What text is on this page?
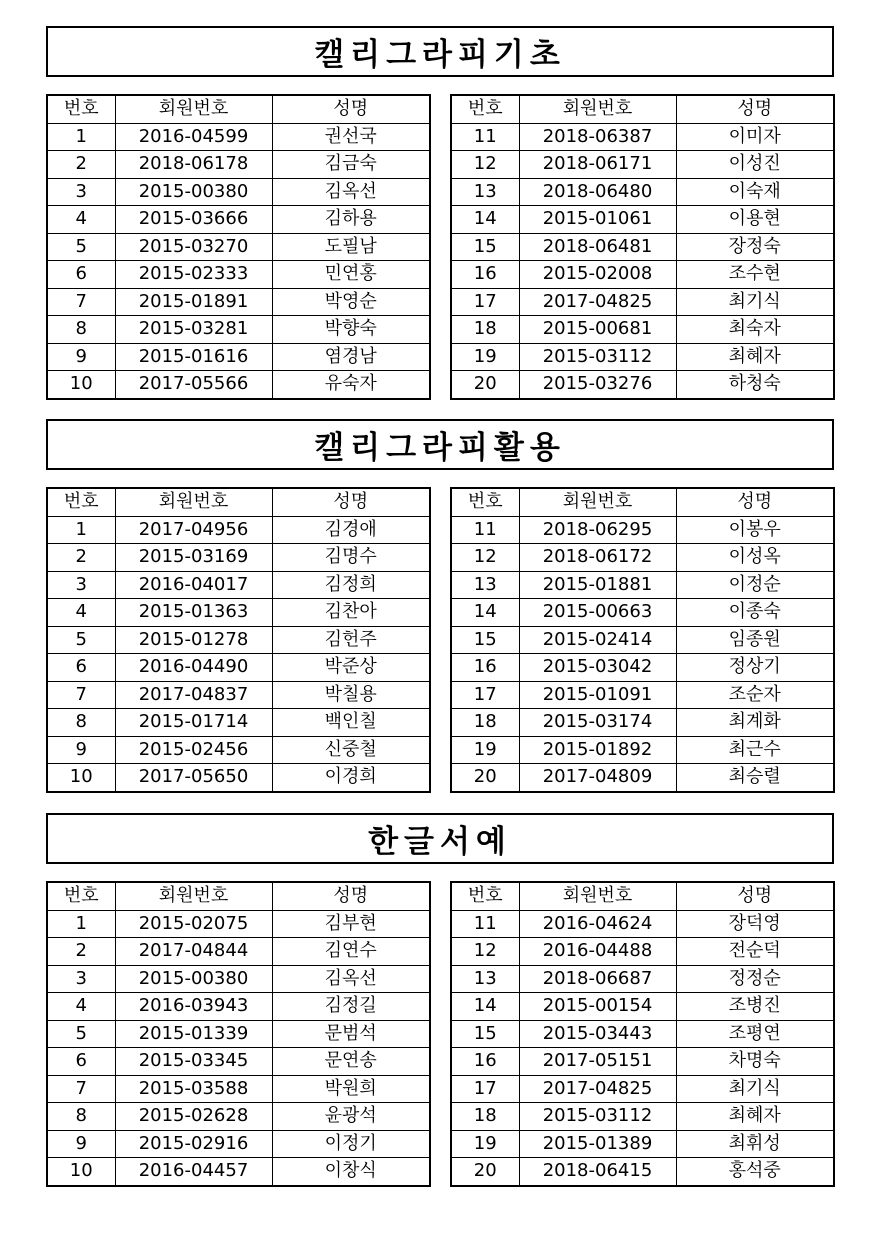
캘리그라피기초
번호	회원번호	성명
1	2016-04599	권선국
2	2018-06178	김금숙
3	2015-00380	김옥선
4	2015-03666	김하용
5	2015-03270	도필남
6	2015-02333	민연홍
7	2015-01891	박영순
8	2015-03281	박향숙
9	2015-01616	염경남
10	2017-05566	유숙자
번호	회원번호	성명
11	2018-06387	이미자
12	2018-06171	이성진
13	2018-06480	이숙재
14	2015-01061	이용현
15	2018-06481	장정숙
16	2015-02008	조수현
17	2017-04825	최기식
18	2015-00681	최숙자
19	2015-03112	최혜자
20	2015-03276	하청숙
캘리그라피활용
번호	회원번호	성명
1	2017-04956	김경애
2	2015-03169	김명수
3	2016-04017	김정희
4	2015-01363	김찬아
5	2015-01278	김헌주
6	2016-04490	박준상
7	2017-04837	박칠용
8	2015-01714	백인칠
9	2015-02456	신중철
10	2017-05650	이경희
번호	회원번호	성명
11	2018-06295	이봉우
12	2018-06172	이성옥
13	2015-01881	이정순
14	2015-00663	이종숙
15	2015-02414	임종원
16	2015-03042	정상기
17	2015-01091	조순자
18	2015-03174	최계화
19	2015-01892	최근수
20	2017-04809	최승렬
한글서예
번호	회원번호	성명
1	2015-02075	김부현
2	2017-04844	김연수
3	2015-00380	김옥선
4	2016-03943	김정길
5	2015-01339	문범석
6	2015-03345	문연송
7	2015-03588	박원희
8	2015-02628	윤광석
9	2015-02916	이정기
10	2016-04457	이창식
번호	회원번호	성명
11	2016-04624	장덕영
12	2016-04488	전순덕
13	2018-06687	정정순
14	2015-00154	조병진
15	2015-03443	조평연
16	2017-05151	차명숙
17	2017-04825	최기식
18	2015-03112	최혜자
19	2015-01389	최휘성
20	2018-06415	홍석중
